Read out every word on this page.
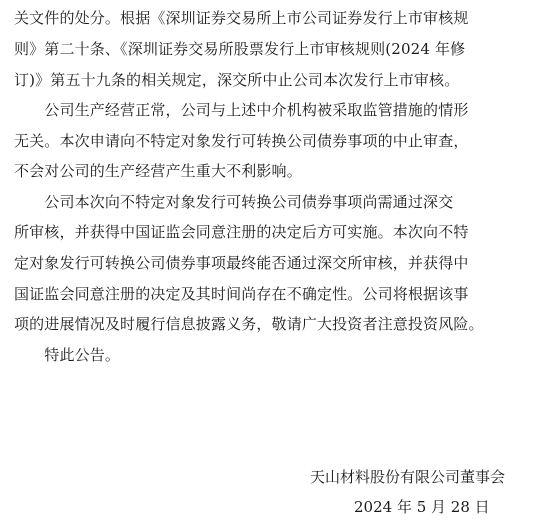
关文件的处分。根据《深圳证券交易所上市公司证券发行上市审核规
则》第二十条、《深圳证券交易所股票发行上市审核规则(2024 年修
订)》第五十九条的相关规定，深交所中止公司本次发行上市审核。
　　公司生产经营正常，公司与上述中介机构被采取监管措施的情形
无关。本次申请向不特定对象发行可转换公司债券事项的中止审查，
不会对公司的生产经营产生重大不利影响。
　　公司本次向不特定对象发行可转换公司债券事项尚需通过深交
所审核，并获得中国证监会同意注册的决定后方可实施。本次向不特
定对象发行可转换公司债券事项最终能否通过深交所审核，并获得中
国证监会同意注册的决定及其时间尚存在不确定性。公司将根据该事
项的进展情况及时履行信息披露义务，敬请广大投资者注意投资风险。
　　特此公告。
天山材料股份有限公司董事会
2024 年 5 月 28 日
